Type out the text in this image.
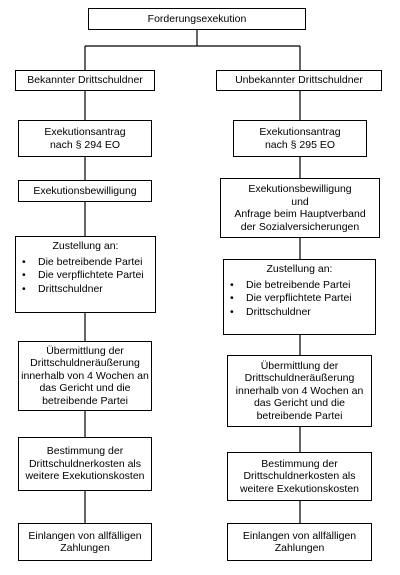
Forderungsexekution
Bekannter Drittschuldner
Exekutionsantrag
nach § 294 EO
Exekutionsbewilligung
Zustellung an:
• Die betreibende Partei
• Die verpflichtete Partei
• Drittschuldner
Übermittlung der
Drittschuldneräußerung
innerhalb von 4 Wochen an
das Gericht und die
betreibende Partei
Bestimmung der
Drittschuldnerkosten als
weitere Exekutionskosten
Einlangen von allfälligen
Zahlungen
Unbekannter Drittschuldner
Exekutionsantrag
nach § 295 EO
Exekutionsbewilligung
und
Anfrage beim Hauptverband
der Sozialversicherungen
Zustellung an:
• Die betreibende Partei
• Die verpflichtete Partei
• Drittschuldner
Übermittlung der
Drittschuldneräußerung
innerhalb von 4 Wochen an
das Gericht und die
betreibende Partei
Bestimmung der
Drittschuldnerkosten als
weitere Exekutionskosten
Einlangen von allfälligen
Zahlungen
